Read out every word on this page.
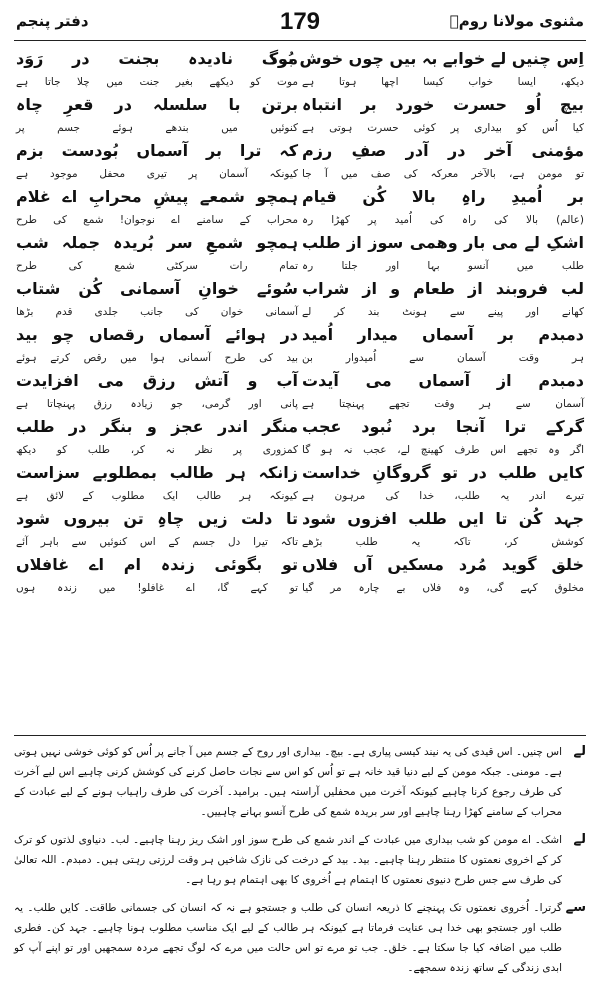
مثنوی مولانا رومؒ
179
دفتر پنجم
اِس چنیں لے خوابے بہ بیں چوں خوش بُود
دیکھ، ایسا خواب کیسا اچھا ہوتا ہے
بیچ اُو حسرت خورد بر انتباہ
کیا اُس کو بیداری پر کوئی حسرت ہوتی ہے
مؤمنی آخر در آدر صفِ رزم
تو مومن ہے، بالآخر معرکہ کی صف میں آ جا
بر اُمیدِ راہِ بالا کُن قیام
(عالم) بالا کی راہ کی اُمید پر کھڑا رہ
اشکِ لے می بار وھمی سوز از طلب
طلب میں آنسو بہا اور جلتا رہ
لب فروبند از طعام و از شراب
کھانے اور پینے سے ہونٹ بند کر لے
دمبدم بر آسماں میدار اُمید
ہر وقت آسمان سے اُمیدوار بن
دمبدم از آسماں می آیدت
آسمان سے ہر وقت تجھے پہنچتا ہے
گرکے ترا آنجا برد نُبود عجب
اگر وہ تجھے اس طرف کھینچ لے، عجب نہ ہو گا
کایں طلب در تو گروگانِ خداست
تیرے اندر یہ طلب، خدا کی مرہون ہے
جہد کُن تا ایں طلب افزوں شود
کوشش کر، تاکہ یہ طلب بڑھے
خلق گوید مُرد مسکیں آں فلاں
مخلوق کہے گی، وہ فلاں بے چارہ مر گیا
مرگ نادیدہ بجنت در رَوَد
موت کو دیکھے بغیر جنت میں چلا جاتا ہے
برتن با سلسلہ در قعرِ چاہ
کنوئیں میں بندھے ہوئے جسم پر
کہ ترا بر آسماں بُودست بزم
کیونکہ آسمان پر تیری محفل موجود ہے
ہمچو شمعے پیشِ محرابِ اے غلام
محراب کے سامنے اے نوجوان! شمع کی طرح
ہمچو شمعِ سر بُریدہ جملہ شب
تمام رات سرکٹی شمع کی طرح
سُوئے خوانِ آسمانی کُن شتاب
آسمانی خوان کی جانب جلدی قدم بڑھا
در ہوائے آسماں رقصاں چو بید
بید کی طرح آسمانی ہوا میں رقص کرتے ہوئے
آب و آتش رزق می افزایدت
پانی اور گرمی، جو زیادہ رزق پہنچاتا ہے
منگر اندر عجز و بنگر در طلب
کمزوری پر نظر نہ کر، طلب کو دیکھ
زانکہ ہر طالب بمطلوبے سزاست
کیونکہ ہر طالب ایک مطلوب کے لائق ہے
تا دلت زیں چاہِ تن بیروں شود
تاکہ تیرا دل جسم کے اس کنوئیں سے باہر آئے
تو بگوئی زندہ ام اے غافلاں
تو کہے گا، اے غافلو! میں زندہ ہوں
لے
اس چنیں۔ اس قیدی کی یہ نیند کیسی پیاری ہے۔ بیچ۔ بیداری اور روح کے جسم میں آ جانے پر اُس کو کوئی خوشی نہیں ہوتی ہے۔ مومنی۔ جبکہ مومن کے لیے دنیا قید خانہ ہے تو اُس کو اس سے نجات حاصل کرنے کی کوشش کرنی چاہیے اس لیے آخرت کی طرف رجوع کرنا چاہیے کیونکہ آخرت میں محفلیں آراستہ ہیں۔ برامید۔ آخرت کی طرف راہیاب ہونے کے لیے عبادت کے محراب کے سامنے کھڑا رہنا چاہیے اور سر بریدہ شمع کی طرح آنسو بہانے چاہییں۔
لے
اشک۔ اے مومن کو شب بیداری میں عبادت کے اندر شمع کی طرح سوز اور اشک ریز رہنا چاہیے۔ لب۔ دنیاوی لذتوں کو ترک کر کے اخروی نعمتوں کا منتظر رہنا چاہیے۔ بید۔ بید کے درخت کی نازک شاخیں ہر وقت لرزتی رہتی ہیں۔ دمبدم۔ اللہ تعالیٰ کی طرف سے جس طرح دنیوی نعمتوں کا اہتمام ہے اُخروی کا بھی اہتمام ہو رہا ہے۔
سے
گرترا۔ اُخروی نعمتوں تک پہنچنے کا ذریعہ انسان کی طلب و جستجو ہے نہ کہ انسان کی جسمانی طاقت۔ کایں طلب۔ یہ طلب اور جستجو بھی خدا ہی عنایت فرماتا ہے کیونکہ ہر طالب کے لیے ایک مناسب مطلوب ہونا چاہیے۔ جہد کن۔ فطری طلب میں اضافہ کیا جا سکتا ہے۔ خلق۔ جب تو مرے تو اس حالت میں مرے کہ لوگ تجھے مردہ سمجھیں اور تو اپنے آپ کو ابدی زندگی کے ساتھ زندہ سمجھے۔
